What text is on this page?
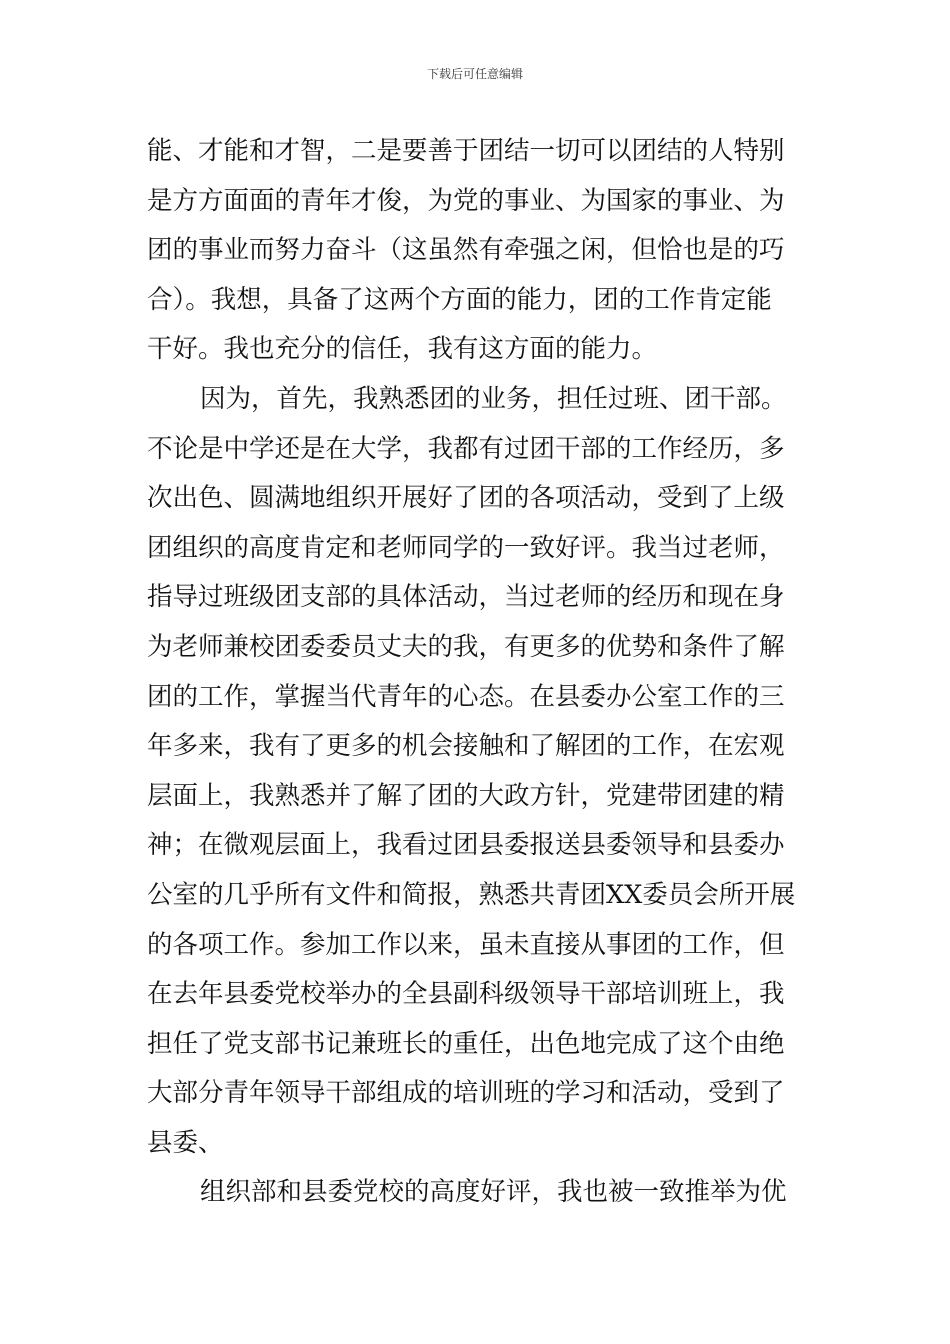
下载后可任意编辑

能、才能和才智，二是要善于团结一切可以团结的人特别
是方方面面的青年才俊，为党的事业、为国家的事业、为
团的事业而努力奋斗（这虽然有牵强之闲，但恰也是的巧
合）。我想，具备了这两个方面的能力，团的工作肯定能
干好。我也充分的信任，我有这方面的能力。

因为，首先，我熟悉团的业务，担任过班、团干部。
不论是中学还是在大学，我都有过团干部的工作经历，多
次出色、圆满地组织开展好了团的各项活动，受到了上级
团组织的高度肯定和老师同学的一致好评。我当过老师，
指导过班级团支部的具体活动，当过老师的经历和现在身
为老师兼校团委委员丈夫的我，有更多的优势和条件了解
团的工作，掌握当代青年的心态。在县委办公室工作的三
年多来，我有了更多的机会接触和了解团的工作，在宏观
层面上，我熟悉并了解了团的大政方针，党建带团建的精
神；在微观层面上，我看过团县委报送县委领导和县委办
公室的几乎所有文件和简报，熟悉共青团XX委员会所开展
的各项工作。参加工作以来，虽未直接从事团的工作，但
在去年县委党校举办的全县副科级领导干部培训班上，我
担任了党支部书记兼班长的重任，出色地完成了这个由绝
大部分青年领导干部组成的培训班的学习和活动，受到了
县委、

组织部和县委党校的高度好评，我也被一致推举为优
